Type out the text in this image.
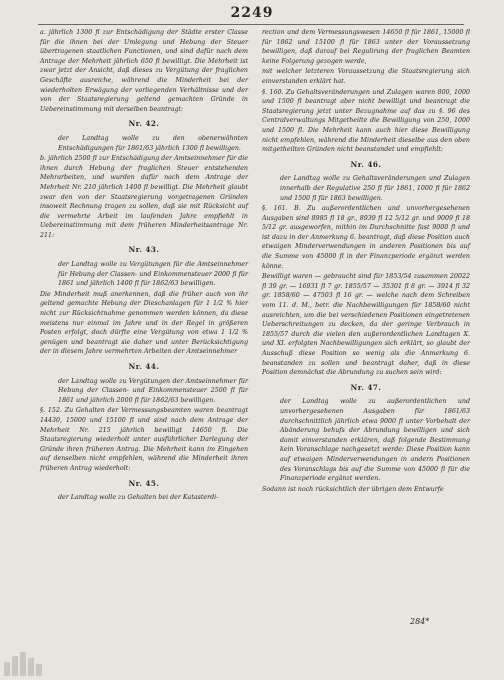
2249

a. jährlich 1300 fl zur Entschädigung der Städte erster Classe für die ihnen bei der Umlegung und Hebung der Steuer übertragenen staatlichen Functionen, und sind dafür nach dem Antrage der Mehrheit jährlich 650 fl bewilligt. Die Mehrheit ist zwar jetzt der Ansicht, daß dieses zu Vergütung der fraglichen Geschäfte ausreiche, während die Minderheit bei der wiederholten Erwägung der vorliegenden Verhältnisse und der von der Staatsregierung geltend gemachten Gründe in Uebereinstimmung mit derselben beantragt:

Nr. 42.

der Landtag wolle zu den obenerwähnten Entschädigungen für 1861/63 jährlich 1300 fl bewilligen.

b. jährlich 2500 fl zur Entschädigung der Amtseinnehmer für die ihnen durch Hebung der fraglichen Steuer entstehenden Mehrarbeiten, und wurden dafür nach dem Antrage der Mehrheit Nr. 210 jährlich 1400 fl bewilligt. Die Mehrheit glaubt zwar den von der Staatsregierung vorgetragenen Gründen insoweit Rechnung tragen zu sollen, daß sie mit Rücksicht auf die vermehrte Arbeit im laufenden Jahre empfiehlt in Uebereinstimmung mit dem früheren Minderheitsantrage Nr. 211:

Nr. 43.

der Landtag wolle zu Vergütungen für die Amtseinnehmer für Hebung der Classen- und Einkommensteuer 2000 fl für 1861 und jährlich 1400 fl für 1862/63 bewilligen.

Die Minderheit muß anerkennen, daß die früher auch von ihr geltend gemachte Hebung der Dieschanlagen für 1 1/2 % hier nicht zur Rücksichtnahme genommen werden können, da diese meistens nur einmal im Jahre und in der Regel in größeren Posten erfolgt, doch dürfte eine Vergütung von etwa 1 1/2 % genügen und beantragt sie daher und unter Berücksichtigung der in diesem Jahre vermehrten Arbeiten der Amtseinnehmer

Nr. 44.

der Landtag wolle zu Vergütungen der Amtseinnehmer für Hebung der Classen- und Einkommensteuer 2500 fl für 1861 und jährlich 2000 fl für 1862/63 bewilligen.

§. 152. Zu Gehalten der Vermessungsbeamten waren beantragt 14430, 15000 und 15100 fl und sind nach dem Antrage der Mehrheit Nr. 215 jährlich bewilligt 14650 fl. Die Staatsregierung wiederholt unter ausführlicher Darlegung der Gründe ihren früheren Antrag. Die Mehrheit kann im Eingehen auf denselben nicht empfehlen, während die Minderheit ihren früheren Antrag wiederholt:

Nr. 45.

der Landtag wolle zu Gehalten bei der Katasterdi-

rection und dem Vermessungswesen 14650 fl für 1861, 15000 fl für 1862 und 15100 fl für 1863 unter der Voraussetzung bewilligen, daß darauf bei Regulirung der fraglichen Beamten keine Folgerung gezogen werde,

mit welcher letzteren Voraussetzung die Staatsregierung sich einverstanden erklärt hat.

§. 160. Zu Gehaltsveränderungen und Zulagen waren 800, 1000 und 1500 fl beantragt aber nicht bewilligt und beantragt die Staatsregierung jetzt unter Bezugnahme auf das zu §. 96 des Centralverwaltungs Mitgetheilte die Bewilligung von 250, 1000 und 1500 fl. Die Mehrheit kann auch hier diese Bewilligung nicht empfehlen, während die Minderheit dieselbe aus den oben mitgetheilten Gründen nicht beanstandet und empfiehlt:

Nr. 46.

der Landtag wolle zu Gehaltsveränderungen und Zulagen innerhalb der Regulative 250 fl für 1861, 1000 fl für 1862 und 1500 fl für 1863 bewilligen.

§. 161. B. Zu außerordentlichen und unvorhergesehenen Ausgaben sind 8985 fl 18 gr., 8939 fl 12 5/12 gr. und 9009 fl 18 5/12 gr. ausgeworfen, mithin im Durchschnitte fast 9000 fl und ist dazu in der Anmerkung 6. beantragt, daß diese Position auch etwaigen Minderverwendungen in anderen Positionen bis auf die Summe von 45000 fl in der Finanzperiode ergänzt werden könne.

Bewilligt waren — gebraucht sind für 1853/54 zusammen 20022 fl 39 gr. — 16931 fl 7 gr. 1855/57 — 35301 fl 8 gr. — 3914 fl 32 gr. 1858/60 — 47503 fl 16 gr. — welche nach dem Schreiben vom 11. d. M., betr. die Nachbewilligungen für 1858/60 nicht ausreichten, um die bei verschiedenen Positionen eingetretenen Ueberschreitungen zu decken, da der geringe Verbrauch in 1855/57 durch die vielen den außerordentlichen Landtagen X. und XI. erfolgten Nachbewilligungen sich erklärt, so glaubt der Ausschuß diese Position so wenig als die Anmerkung 6. beanstanden zu sollen und beantragt daher, daß in diese Position demnächst die Abrundung zu suchen sein wird:

Nr. 47.

der Landtag wolle zu außerordentlichen und unvorhergesehenen Ausgaben für 1861/63 durchschnittlich jährlich etwa 9000 fl unter Vorbehalt der Abänderung behufs der Abrundung bewilligen und sich damit einverstanden erklären, daß folgende Bestimmung kein Voranschlage nachgesetzt werde: Diese Position kann auf etwaigen Minderverwendungen in andern Positionen des Voranschlags bis auf die Summe von 45000 fl für die Finanzperiode ergänzt werden.

Sodann ist noch rücksichtlich der übrigen dem Entwurfe

284*
